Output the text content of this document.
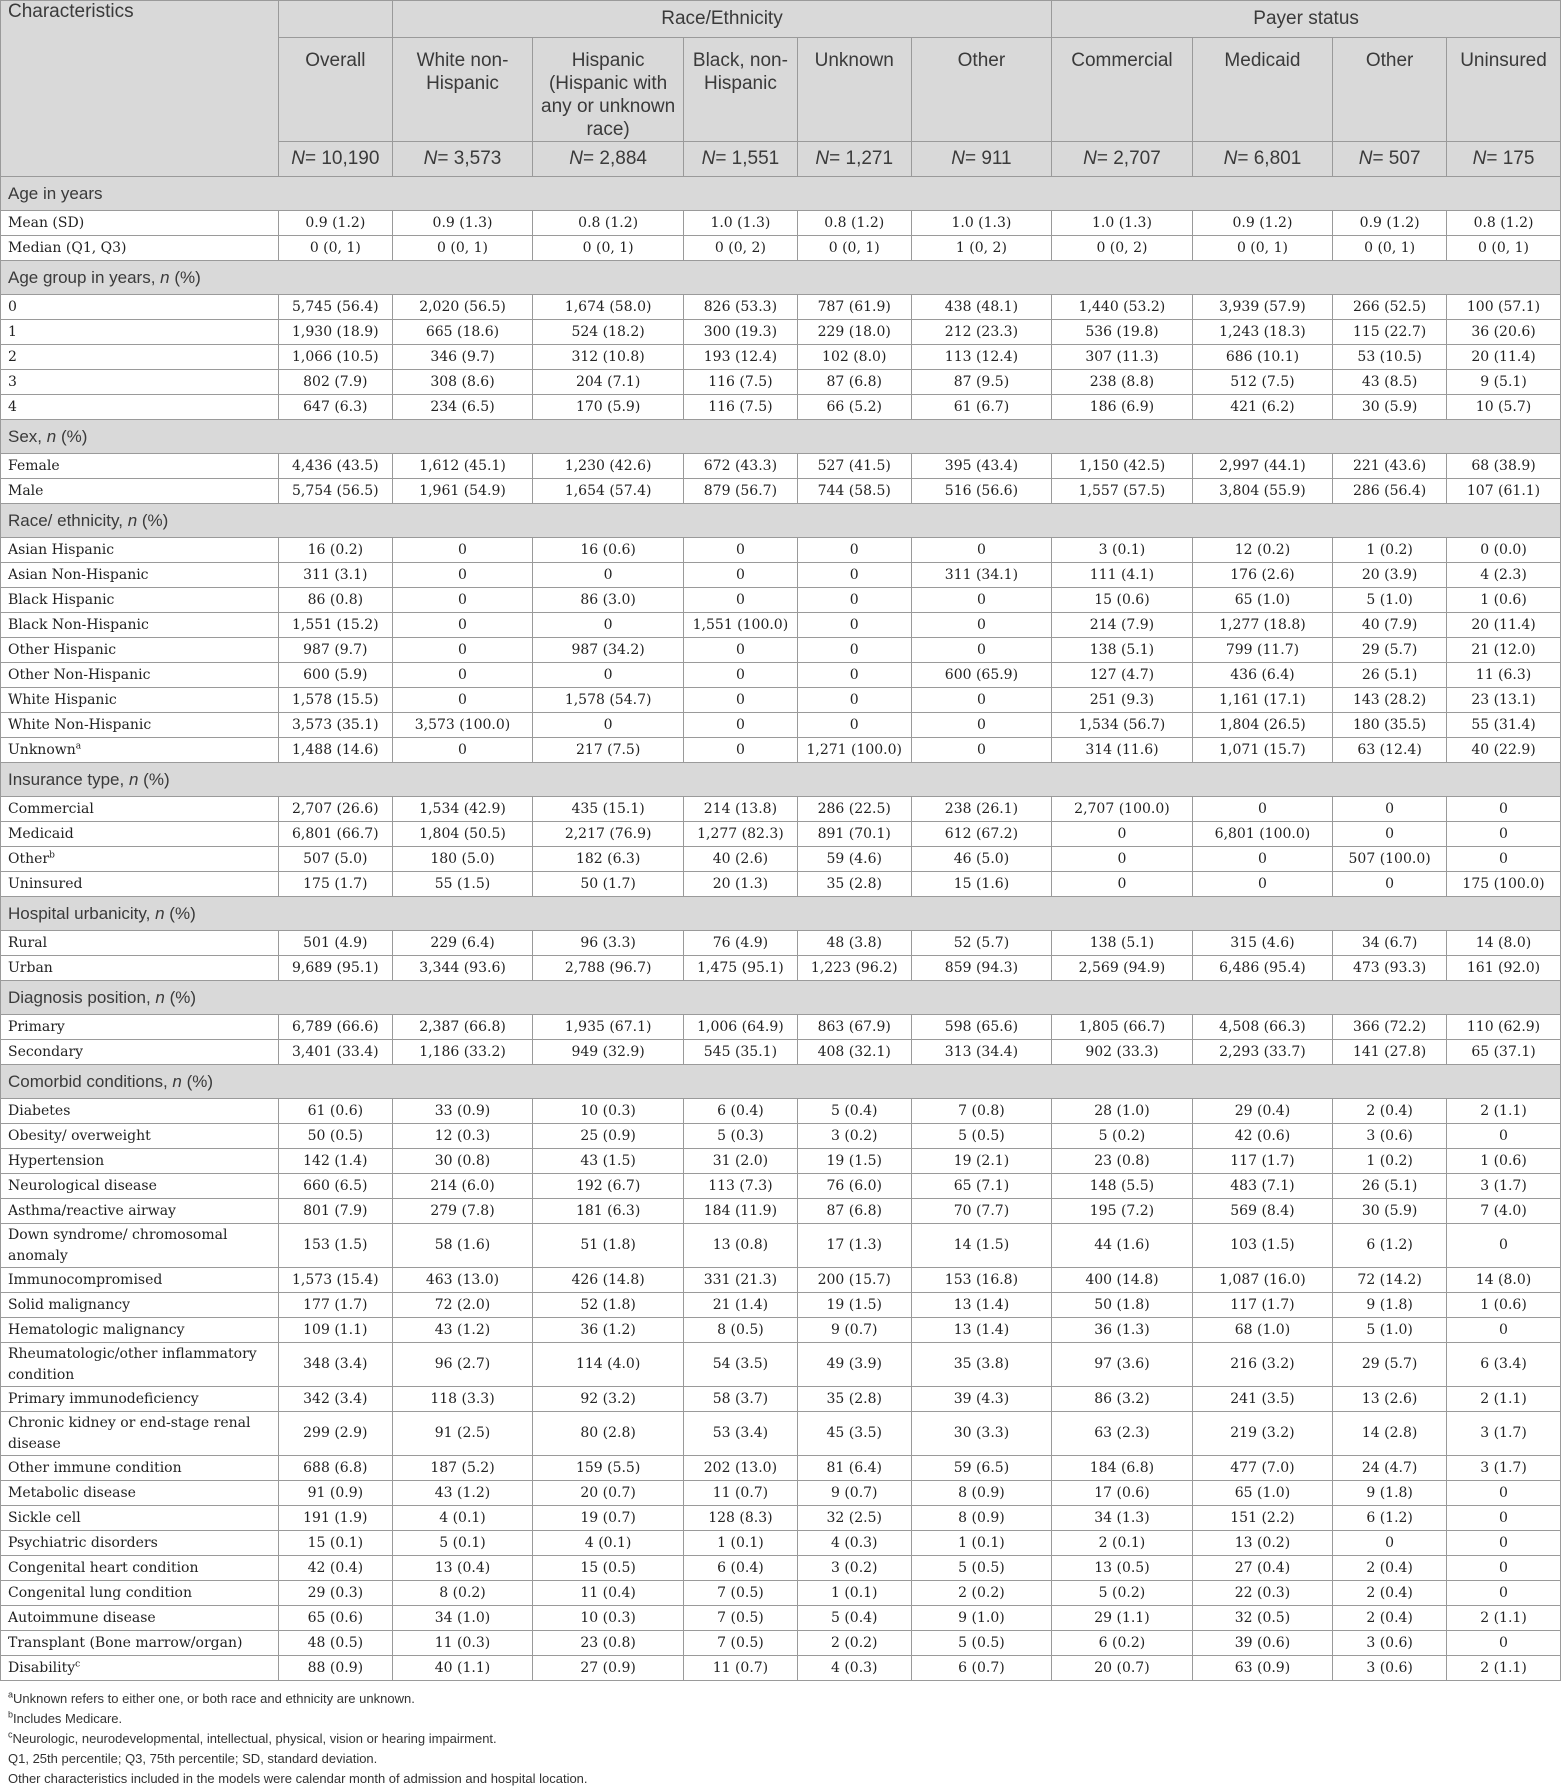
Characteristics		Race/Ethnicity					Payer status			
	Overall	White non-Hispanic	Hispanic (Hispanic with any or unknown race)	Black, non-Hispanic	Unknown	Other	Commercial	Medicaid	Other	Uninsured
	N= 10,190	N= 3,573	N= 2,884	N= 1,551	N= 1,271	N= 911	N= 2,707	N= 6,801	N= 507	N= 175
Age in years										
Mean (SD)	0.9 (1.2)	0.9 (1.3)	0.8 (1.2)	1.0 (1.3)	0.8 (1.2)	1.0 (1.3)	1.0 (1.3)	0.9 (1.2)	0.9 (1.2)	0.8 (1.2)
Median (Q1, Q3)	0 (0, 1)	0 (0, 1)	0 (0, 1)	0 (0, 2)	0 (0, 1)	1 (0, 2)	0 (0, 2)	0 (0, 1)	0 (0, 1)	0 (0, 1)
Age group in years, n (%)										
0	5,745 (56.4)	2,020 (56.5)	1,674 (58.0)	826 (53.3)	787 (61.9)	438 (48.1)	1,440 (53.2)	3,939 (57.9)	266 (52.5)	100 (57.1)
1	1,930 (18.9)	665 (18.6)	524 (18.2)	300 (19.3)	229 (18.0)	212 (23.3)	536 (19.8)	1,243 (18.3)	115 (22.7)	36 (20.6)
2	1,066 (10.5)	346 (9.7)	312 (10.8)	193 (12.4)	102 (8.0)	113 (12.4)	307 (11.3)	686 (10.1)	53 (10.5)	20 (11.4)
3	802 (7.9)	308 (8.6)	204 (7.1)	116 (7.5)	87 (6.8)	87 (9.5)	238 (8.8)	512 (7.5)	43 (8.5)	9 (5.1)
4	647 (6.3)	234 (6.5)	170 (5.9)	116 (7.5)	66 (5.2)	61 (6.7)	186 (6.9)	421 (6.2)	30 (5.9)	10 (5.7)
Sex, n (%)										
Female	4,436 (43.5)	1,612 (45.1)	1,230 (42.6)	672 (43.3)	527 (41.5)	395 (43.4)	1,150 (42.5)	2,997 (44.1)	221 (43.6)	68 (38.9)
Male	5,754 (56.5)	1,961 (54.9)	1,654 (57.4)	879 (56.7)	744 (58.5)	516 (56.6)	1,557 (57.5)	3,804 (55.9)	286 (56.4)	107 (61.1)
Race/ ethnicity, n (%)										
Asian Hispanic	16 (0.2)	0	16 (0.6)	0	0	0	3 (0.1)	12 (0.2)	1 (0.2)	0 (0.0)
Asian Non-Hispanic	311 (3.1)	0	0	0	0	311 (34.1)	111 (4.1)	176 (2.6)	20 (3.9)	4 (2.3)
Black Hispanic	86 (0.8)	0	86 (3.0)	0	0	0	15 (0.6)	65 (1.0)	5 (1.0)	1 (0.6)
Black Non-Hispanic	1,551 (15.2)	0	0	1,551 (100.0)	0	0	214 (7.9)	1,277 (18.8)	40 (7.9)	20 (11.4)
Other Hispanic	987 (9.7)	0	987 (34.2)	0	0	0	138 (5.1)	799 (11.7)	29 (5.7)	21 (12.0)
Other Non-Hispanic	600 (5.9)	0	0	0	0	600 (65.9)	127 (4.7)	436 (6.4)	26 (5.1)	11 (6.3)
White Hispanic	1,578 (15.5)	0	1,578 (54.7)	0	0	0	251 (9.3)	1,161 (17.1)	143 (28.2)	23 (13.1)
White Non-Hispanic	3,573 (35.1)	3,573 (100.0)	0	0	0	0	1,534 (56.7)	1,804 (26.5)	180 (35.5)	55 (31.4)
Unknown$^a$	1,488 (14.6)	0	217 (7.5)	0	1,271 (100.0)	0	314 (11.6)	1,071 (15.7)	63 (12.4)	40 (22.9)
Insurance type, n (%)										
Commercial	2,707 (26.6)	1,534 (42.9)	435 (15.1)	214 (13.8)	286 (22.5)	238 (26.1)	2,707 (100.0)	0	0	0
Medicaid	6,801 (66.7)	1,804 (50.5)	2,217 (76.9)	1,277 (82.3)	891 (70.1)	612 (67.2)	0	6,801 (100.0)	0	0
Other$^b$	507 (5.0)	180 (5.0)	182 (6.3)	40 (2.6)	59 (4.6)	46 (5.0)	0	0	507 (100.0)	0
Uninsured	175 (1.7)	55 (1.5)	50 (1.7)	20 (1.3)	35 (2.8)	15 (1.6)	0	0	0	175 (100.0)
Hospital urbanicity, n (%)										
Rural	501 (4.9)	229 (6.4)	96 (3.3)	76 (4.9)	48 (3.8)	52 (5.7)	138 (5.1)	315 (4.6)	34 (6.7)	14 (8.0)
Urban	9,689 (95.1)	3,344 (93.6)	2,788 (96.7)	1,475 (95.1)	1,223 (96.2)	859 (94.3)	2,569 (94.9)	6,486 (95.4)	473 (93.3)	161 (92.0)
Diagnosis position, n (%)										
Primary	6,789 (66.6)	2,387 (66.8)	1,935 (67.1)	1,006 (64.9)	863 (67.9)	598 (65.6)	1,805 (66.7)	4,508 (66.3)	366 (72.2)	110 (62.9)
Secondary	3,401 (33.4)	1,186 (33.2)	949 (32.9)	545 (35.1)	408 (32.1)	313 (34.4)	902 (33.3)	2,293 (33.7)	141 (27.8)	65 (37.1)
Comorbid conditions, n (%)										
Diabetes	61 (0.6)	33 (0.9)	10 (0.3)	6 (0.4)	5 (0.4)	7 (0.8)	28 (1.0)	29 (0.4)	2 (0.4)	2 (1.1)
Obesity/ overweight	50 (0.5)	12 (0.3)	25 (0.9)	5 (0.3)	3 (0.2)	5 (0.5)	5 (0.2)	42 (0.6)	3 (0.6)	0
Hypertension	142 (1.4)	30 (0.8)	43 (1.5)	31 (2.0)	19 (1.5)	19 (2.1)	23 (0.8)	117 (1.7)	1 (0.2)	1 (0.6)
Neurological disease	660 (6.5)	214 (6.0)	192 (6.7)	113 (7.3)	76 (6.0)	65 (7.1)	148 (5.5)	483 (7.1)	26 (5.1)	3 (1.7)
Asthma/reactive airway	801 (7.9)	279 (7.8)	181 (6.3)	184 (11.9)	87 (6.8)	70 (7.7)	195 (7.2)	569 (8.4)	30 (5.9)	7 (4.0)
Down syndrome/ chromosomal anomaly	153 (1.5)	58 (1.6)	51 (1.8)	13 (0.8)	17 (1.3)	14 (1.5)	44 (1.6)	103 (1.5)	6 (1.2)	0
Immunocompromised	1,573 (15.4)	463 (13.0)	426 (14.8)	331 (21.3)	200 (15.7)	153 (16.8)	400 (14.8)	1,087 (16.0)	72 (14.2)	14 (8.0)
Solid malignancy	177 (1.7)	72 (2.0)	52 (1.8)	21 (1.4)	19 (1.5)	13 (1.4)	50 (1.8)	117 (1.7)	9 (1.8)	1 (0.6)
Hematologic malignancy	109 (1.1)	43 (1.2)	36 (1.2)	8 (0.5)	9 (0.7)	13 (1.4)	36 (1.3)	68 (1.0)	5 (1.0)	0
Rheumatologic/other inflammatory condition	348 (3.4)	96 (2.7)	114 (4.0)	54 (3.5)	49 (3.9)	35 (3.8)	97 (3.6)	216 (3.2)	29 (5.7)	6 (3.4)
Primary immunodeficiency	342 (3.4)	118 (3.3)	92 (3.2)	58 (3.7)	35 (2.8)	39 (4.3)	86 (3.2)	241 (3.5)	13 (2.6)	2 (1.1)
Chronic kidney or end-stage renal disease	299 (2.9)	91 (2.5)	80 (2.8)	53 (3.4)	45 (3.5)	30 (3.3)	63 (2.3)	219 (3.2)	14 (2.8)	3 (1.7)
Other immune condition	688 (6.8)	187 (5.2)	159 (5.5)	202 (13.0)	81 (6.4)	59 (6.5)	184 (6.8)	477 (7.0)	24 (4.7)	3 (1.7)
Metabolic disease	91 (0.9)	43 (1.2)	20 (0.7)	11 (0.7)	9 (0.7)	8 (0.9)	17 (0.6)	65 (1.0)	9 (1.8)	0
Sickle cell	191 (1.9)	4 (0.1)	19 (0.7)	128 (8.3)	32 (2.5)	8 (0.9)	34 (1.3)	151 (2.2)	6 (1.2)	0
Psychiatric disorders	15 (0.1)	5 (0.1)	4 (0.1)	1 (0.1)	4 (0.3)	1 (0.1)	2 (0.1)	13 (0.2)	0	0
Congenital heart condition	42 (0.4)	13 (0.4)	15 (0.5)	6 (0.4)	3 (0.2)	5 (0.5)	13 (0.5)	27 (0.4)	2 (0.4)	0
Congenital lung condition	29 (0.3)	8 (0.2)	11 (0.4)	7 (0.5)	1 (0.1)	2 (0.2)	5 (0.2)	22 (0.3)	2 (0.4)	0
Autoimmune disease	65 (0.6)	34 (1.0)	10 (0.3)	7 (0.5)	5 (0.4)	9 (1.0)	29 (1.1)	32 (0.5)	2 (0.4)	2 (1.1)
Transplant (Bone marrow/organ)	48 (0.5)	11 (0.3)	23 (0.8)	7 (0.5)	2 (0.2)	5 (0.5)	6 (0.2)	39 (0.6)	3 (0.6)	0
Disability$^c$	88 (0.9)	40 (1.1)	27 (0.9)	11 (0.7)	4 (0.3)	6 (0.7)	20 (0.7)	63 (0.9)	3 (0.6)	2 (1.1)
$^a$Unknown refers to either one, or both race and ethnicity are unknown.
$^b$Includes Medicare.
$^c$Neurologic, neurodevelopmental, intellectual, physical, vision or hearing impairment.
Q1, 25th percentile; Q3, 75th percentile; SD, standard deviation.
Other characteristics included in the models were calendar month of admission and hospital location.
